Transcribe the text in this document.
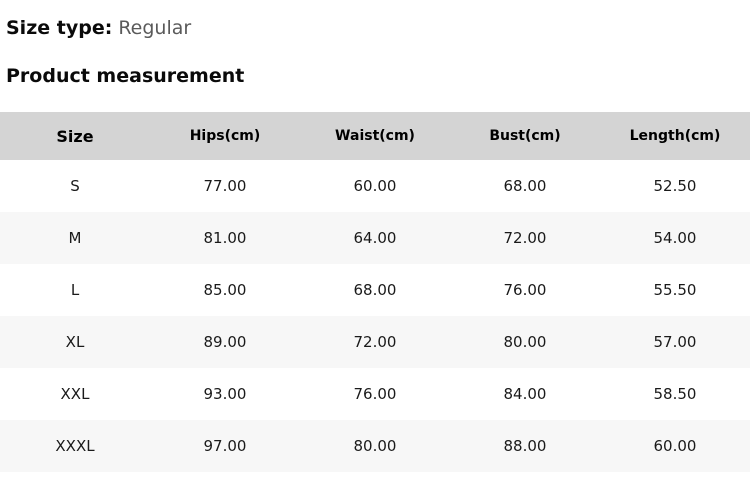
Size type: Regular
Product measurement
Size	Hips(cm)	Waist(cm)	Bust(cm)	Length(cm)
S	77.00	60.00	68.00	52.50
M	81.00	64.00	72.00	54.00
L	85.00	68.00	76.00	55.50
XL	89.00	72.00	80.00	57.00
XXL	93.00	76.00	84.00	58.50
XXXL	97.00	80.00	88.00	60.00
